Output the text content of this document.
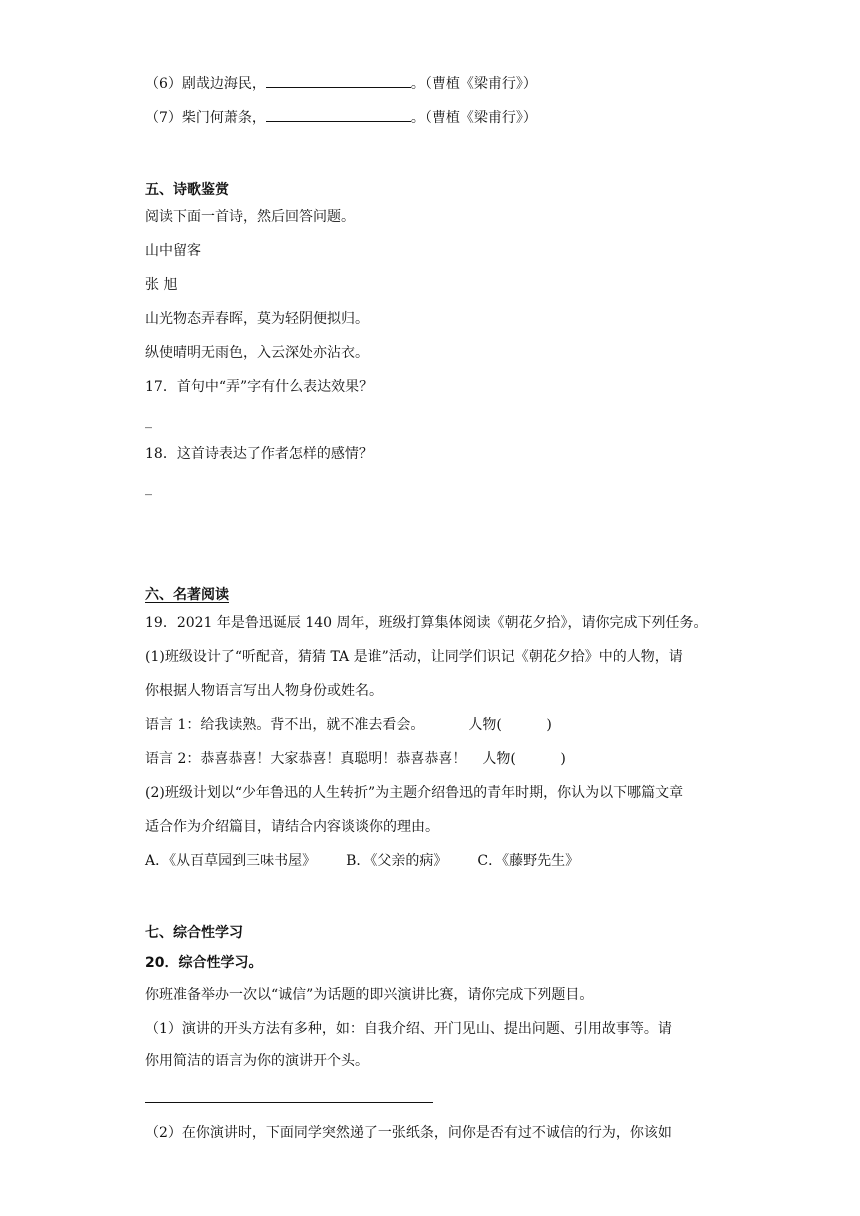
（6）剧哉边海民，	。（曹植《梁甫行》）
（7）柴门何萧条，	。（曹植《梁甫行》）
五、诗歌鉴赏
阅读下面一首诗，然后回答问题。
山中留客
张 旭
山光物态弄春晖，莫为轻阴便拟归。
纵使晴明无雨色，入云深处亦沾衣。
17．首句中“弄”字有什么表达效果？
_
18．这首诗表达了作者怎样的感情？
_
六、名著阅读
19．2021 年是鲁迅诞辰 140 周年，班级打算集体阅读《朝花夕拾》，请你完成下列任务。
(1)班级设计了“听配音，猜猜 TA 是谁”活动，让同学们识记《朝花夕拾》中的人物，请
你根据人物语言写出人物身份或姓名。
语言 1：给我读熟。背不出，就不准去看会。	人物(          )
语言 2：恭喜恭喜！大家恭喜！真聪明！恭喜恭喜！ 人物(          )
(2)班级计划以“少年鲁迅的人生转折”为主题介绍鲁迅的青年时期，你认为以下哪篇文章
适合作为介绍篇目，请结合内容谈谈你的理由。
A．《从百草园到三味书屋》 B．《父亲的病》 C．《藤野先生》
七、综合性学习
20．综合性学习。
你班准备举办一次以“诚信”为话题的即兴演讲比赛，请你完成下列题目。
（1）演讲的开头方法有多种，如：自我介绍、开门见山、提出问题、引用故事等。请
你用简洁的语言为你的演讲开个头。
（2）在你演讲时，下面同学突然递了一张纸条，问你是否有过不诚信的行为，你该如
